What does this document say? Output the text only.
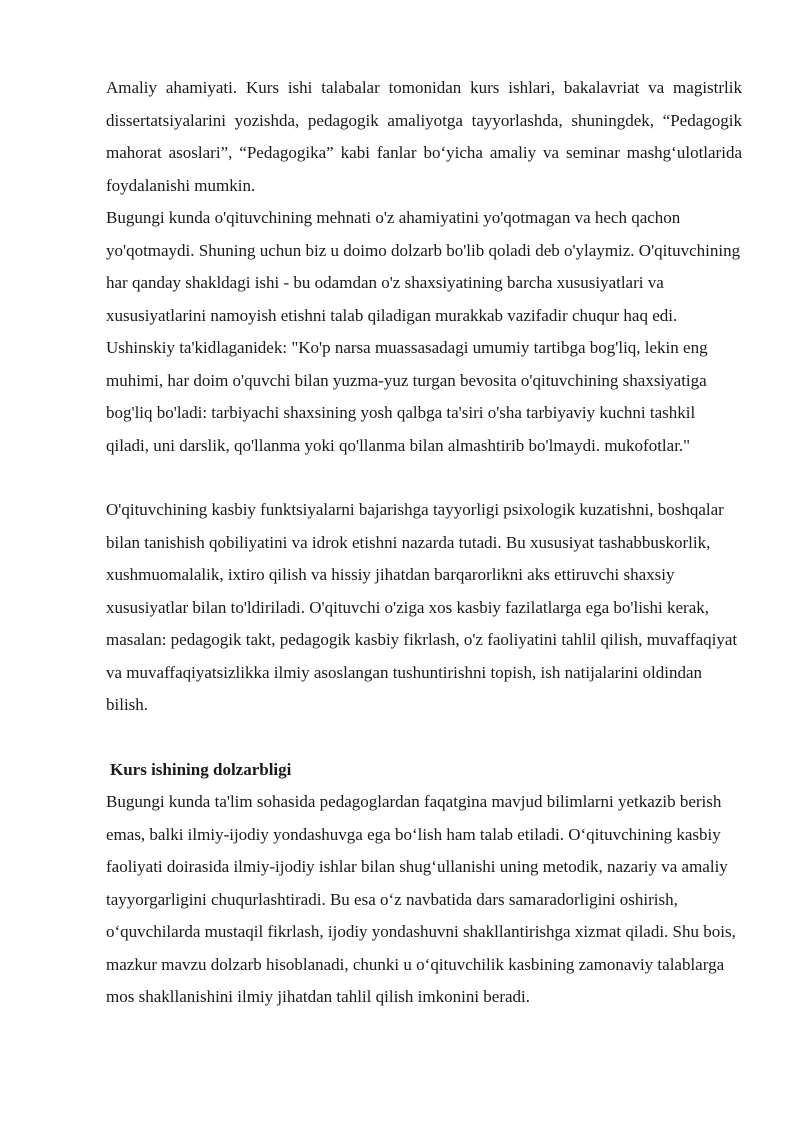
Amaliy ahamiyati. Kurs ishi talabalar tomonidan kurs ishlari, bakalavriat va magistrlik dissertatsiyalarini yozishda, pedagogik amaliyotga tayyorlashda, shuningdek, “Pedagogik mahorat asoslari”, “Pedagogika” kabi fanlar bo‘yicha amaliy va seminar mashg‘ulotlarida foydalanishi mumkin.

Bugungi kunda o'qituvchining mehnati o'z ahamiyatini yo'qotmagan va hech qachon yo'qotmaydi. Shuning uchun biz u doimo dolzarb bo'lib qoladi deb o'ylaymiz. O'qituvchining har qanday shakldagi ishi - bu odamdan o'z shaxsiyatining barcha xususiyatlari va xususiyatlarini namoyish etishni talab qiladigan murakkab vazifadir chuqur haq edi. Ushinskiy ta'kidlaganidek: "Ko'p narsa muassasadagi umumiy tartibga bog'liq, lekin eng muhimi, har doim o'quvchi bilan yuzma-yuz turgan bevosita o'qituvchining shaxsiyatiga bog'liq bo'ladi: tarbiyachi shaxsining yosh qalbga ta'siri o'sha tarbiyaviy kuchni tashkil qiladi, uni darslik, qo'llanma yoki qo'llanma bilan almashtirib bo'lmaydi. mukofotlar."

O'qituvchining kasbiy funktsiyalarni bajarishga tayyorligi psixologik kuzatishni, boshqalar bilan tanishish qobiliyatini va idrok etishni nazarda tutadi. Bu xususiyat tashabbuskorlik, xushmuomalalik, ixtiro qilish va hissiy jihatdan barqarorlikni aks ettiruvchi shaxsiy xususiyatlar bilan to'ldiriladi. O'qituvchi o'ziga xos kasbiy fazilatlarga ega bo'lishi kerak, masalan: pedagogik takt, pedagogik kasbiy fikrlash, o'z faoliyatini tahlil qilish, muvaffaqiyat va muvaffaqiyatsizlikka ilmiy asoslangan tushuntirishni topish, ish natijalarini oldindan bilish.

Kurs ishining dolzarbligi

Bugungi kunda ta'lim sohasida pedagoglardan faqatgina mavjud bilimlarni yetkazib berish emas, balki ilmiy-ijodiy yondashuvga ega bo‘lish ham talab etiladi. O‘qituvchining kasbiy faoliyati doirasida ilmiy-ijodiy ishlar bilan shug‘ullanishi uning metodik, nazariy va amaliy tayyorgarligini chuqurlashtiradi. Bu esa o‘z navbatida dars samaradorligini oshirish, o‘quvchilarda mustaqil fikrlash, ijodiy yondashuvni shakllantirishga xizmat qiladi. Shu bois, mazkur mavzu dolzarb hisoblanadi, chunki u o‘qituvchilik kasbining zamonaviy talablarga mos shakllanishini ilmiy jihatdan tahlil qilish imkonini beradi.
